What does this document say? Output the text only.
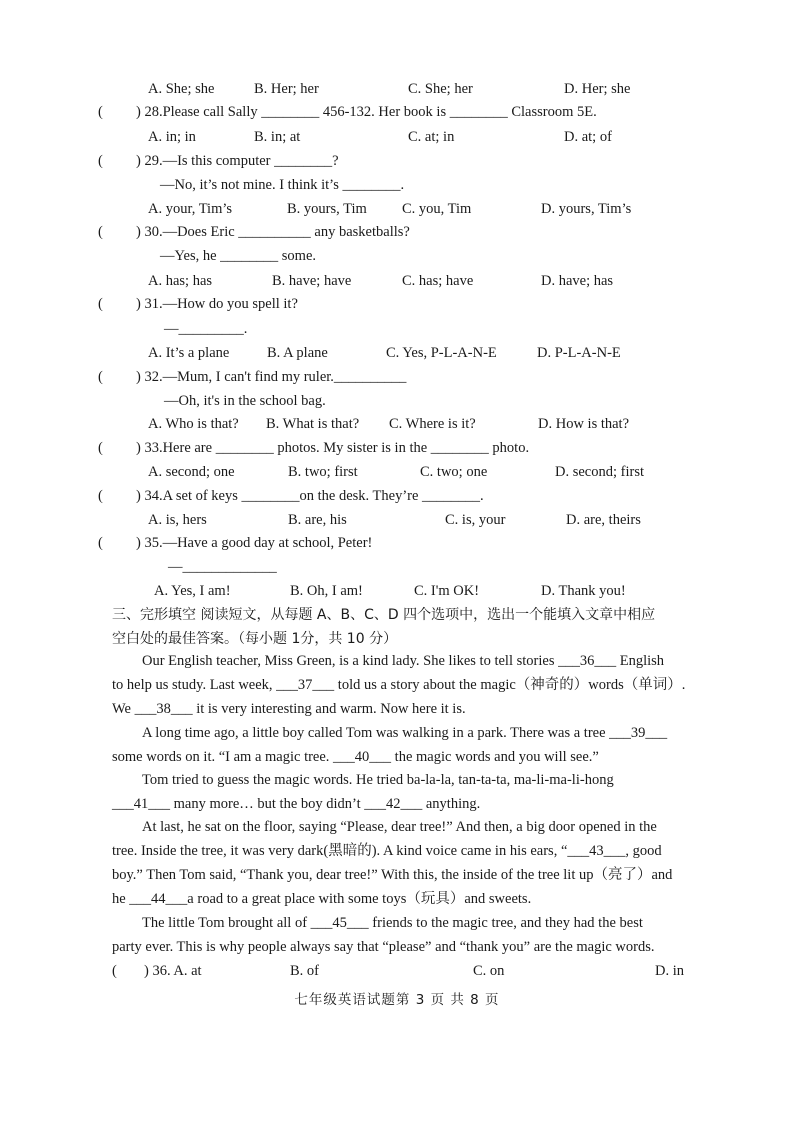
A. She; she	B. Her; her	C. She; her	D. Her; she
( ) 28.Please call Sally ________ 456-132. Her book is ________ Classroom 5E.
A. in; in	B. in; at	C. at; in	D. at; of
( ) 29.—Is this computer ________?
—No, it’s not mine. I think it’s ________.
A. your, Tim’s	B. yours, Tim C. you, Tim	D. yours, Tim’s
( ) 30.—Does Eric __________ any basketballs?
—Yes, he ________ some.
A. has; has	B. have; have	C. has; have	D. have; has
( ) 31.—How do you spell it?
—_________.
A. It’s a plane	B. A plane	C. Yes, P-L-A-N-E	D. P-L-A-N-E
( ) 32.—Mum, I can't find my ruler.__________
—Oh, it's in the school bag.
A. Who is that? B. What is that? C. Where is it?	D. How is that?
( ) 33.Here are ________ photos. My sister is in the ________ photo.
A. second; one	B. two; first	C. two; one	D. second; first
( ) 34.A set of keys ________on the desk. They’re ________.
A. is, hers	B. are, his	C. is, your	D. are, theirs
( ) 35.—Have a good day at school, Peter!
—_____________
A. Yes, I am!	B. Oh, I am!	C. I'm OK!	D. Thank you!
三、完形填空 阅读短文，从每题 A、B、C、D 四个选项中，选出一个能填入文章中相应
空白处的最佳答案。（每小题 1分，共 10 分）
Our English teacher, Miss Green, is a kind lady. She likes to tell stories ___36___ English
to help us study. Last week, ___37___ told us a story about the magic（神奇的）words（单词）.
We ___38___ it is very interesting and warm. Now here it is.
A long time ago, a little boy called Tom was walking in a park. There was a tree ___39___
some words on it. “I am a magic tree. ___40___ the magic words and you will see.”
Tom tried to guess the magic words. He tried ba-la-la, tan-ta-ta, ma-li-ma-li-hong
___41___ many more… but the boy didn’t ___42___ anything.
At last, he sat on the floor, saying “Please, dear tree!” And then, a big door opened in the
tree. Inside the tree, it was very dark(黑暗的). A kind voice came in his ears, “___43___, good
boy.” Then Tom said, “Thank you, dear tree!” With this, the inside of the tree lit up（亮了）and
he ___44___a road to a great place with some toys（玩具）and sweets.
The little Tom brought all of ___45___ friends to the magic tree, and they had the best
party ever. This is why people always say that “please” and “thank you” are the magic words.
( ) 36. A. at	B. of	C. on	D. in
七年级英语试题第 3 页 共 8 页
